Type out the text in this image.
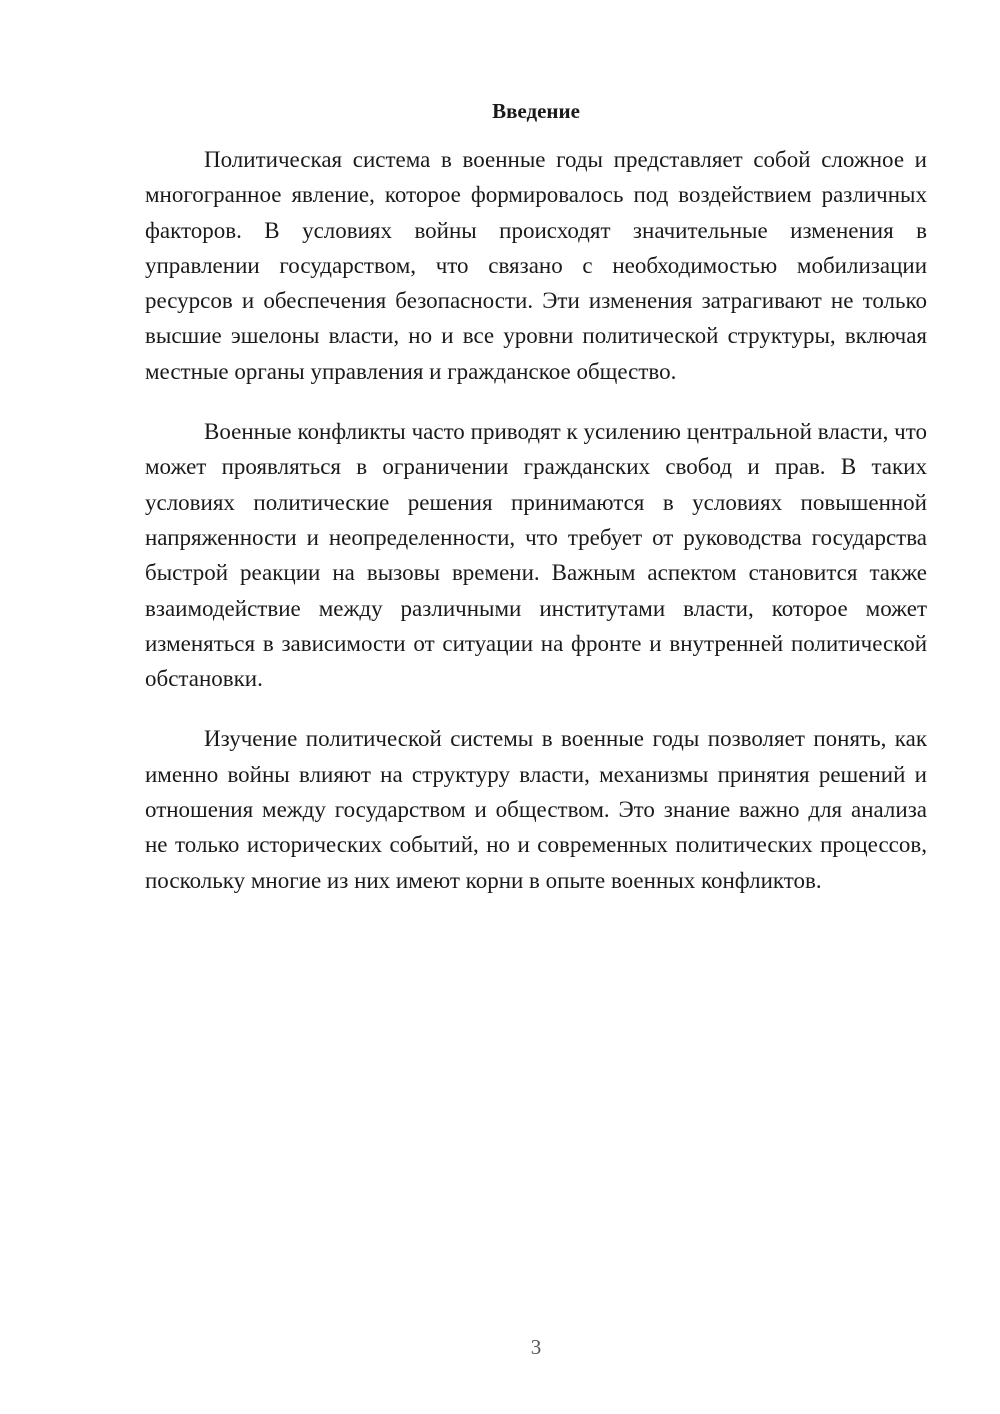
Введение

Политическая система в военные годы представляет собой сложное и многогранное явление, которое формировалось под воздействием различных факторов. В условиях войны происходят значительные изменения в управлении государством, что связано с необходимостью мобилизации ресурсов и обеспечения безопасности. Эти изменения затрагивают не только высшие эшелоны власти, но и все уровни политической структуры, включая местные органы управления и гражданское общество.

Военные конфликты часто приводят к усилению центральной власти, что может проявляться в ограничении гражданских свобод и прав. В таких условиях политические решения принимаются в условиях повышенной напряженности и неопределенности, что требует от руководства государства быстрой реакции на вызовы времени. Важным аспектом становится также взаимодействие между различными институтами власти, которое может изменяться в зависимости от ситуации на фронте и внутренней политической обстановки.

Изучение политической системы в военные годы позволяет понять, как именно войны влияют на структуру власти, механизмы принятия решений и отношения между государством и обществом. Это знание важно для анализа не только исторических событий, но и современных политических процессов, поскольку многие из них имеют корни в опыте военных конфликтов.

3
